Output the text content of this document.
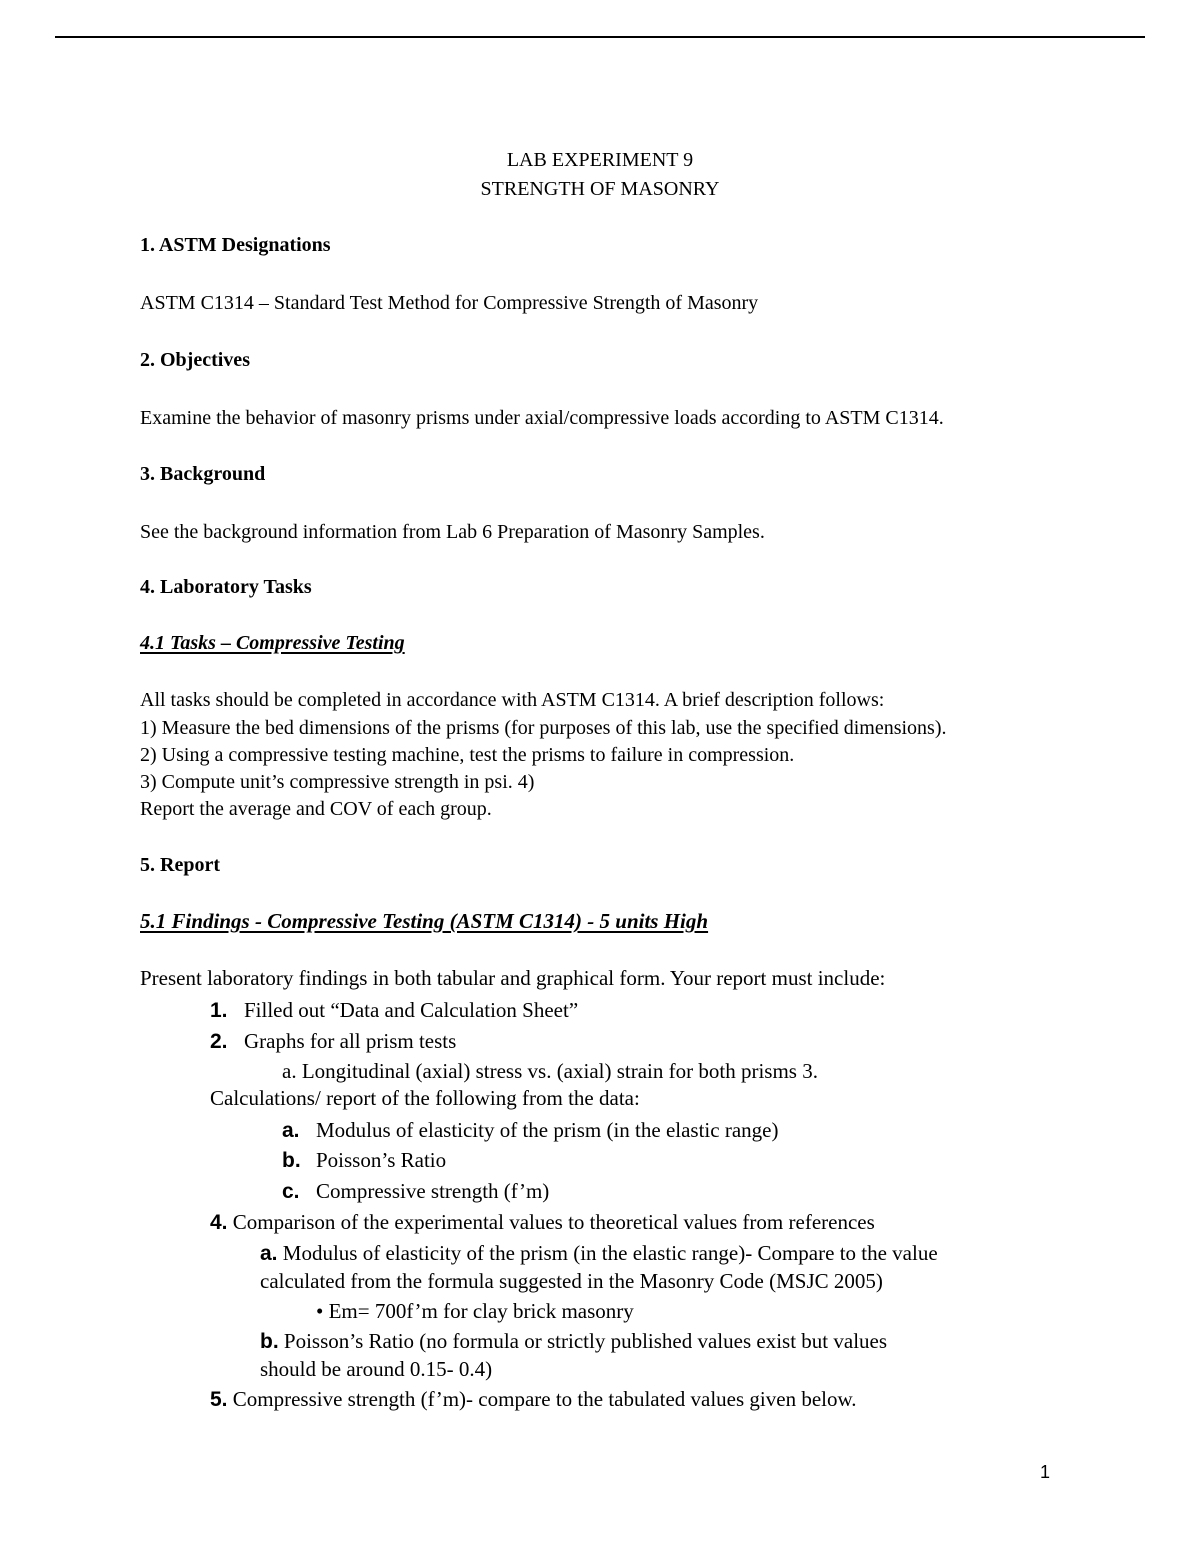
LAB EXPERIMENT 9
STRENGTH OF MASONRY
1. ASTM Designations
ASTM C1314 – Standard Test Method for Compressive Strength of Masonry
2. Objectives
Examine the behavior of masonry prisms under axial/compressive loads according to ASTM C1314.
3. Background
See the background information from Lab 6 Preparation of Masonry Samples.
4. Laboratory Tasks
4.1 Tasks – Compressive Testing
All tasks should be completed in accordance with ASTM C1314. A brief description follows:
1) Measure the bed dimensions of the prisms (for purposes of this lab, use the specified dimensions).
2) Using a compressive testing machine, test the prisms to failure in compression.
3) Compute unit’s compressive strength in psi. 4)
Report the average and COV of each group.
5. Report
5.1 Findings - Compressive Testing (ASTM C1314) - 5 units High
Present laboratory findings in both tabular and graphical form. Your report must include:
1. Filled out “Data and Calculation Sheet”
2. Graphs for all prism tests
a. Longitudinal (axial) stress vs. (axial) strain for both prisms 3.
Calculations/ report of the following from the data:
a. Modulus of elasticity of the prism (in the elastic range)
b. Poisson’s Ratio
c. Compressive strength (f’m)
4. Comparison of the experimental values to theoretical values from references
a. Modulus of elasticity of the prism (in the elastic range)- Compare to the value
calculated from the formula suggested in the Masonry Code (MSJC 2005)
• Em= 700f’m for clay brick masonry
b. Poisson’s Ratio (no formula or strictly published values exist but values
should be around 0.15- 0.4)
5. Compressive strength (f’m)- compare to the tabulated values given below.
1
